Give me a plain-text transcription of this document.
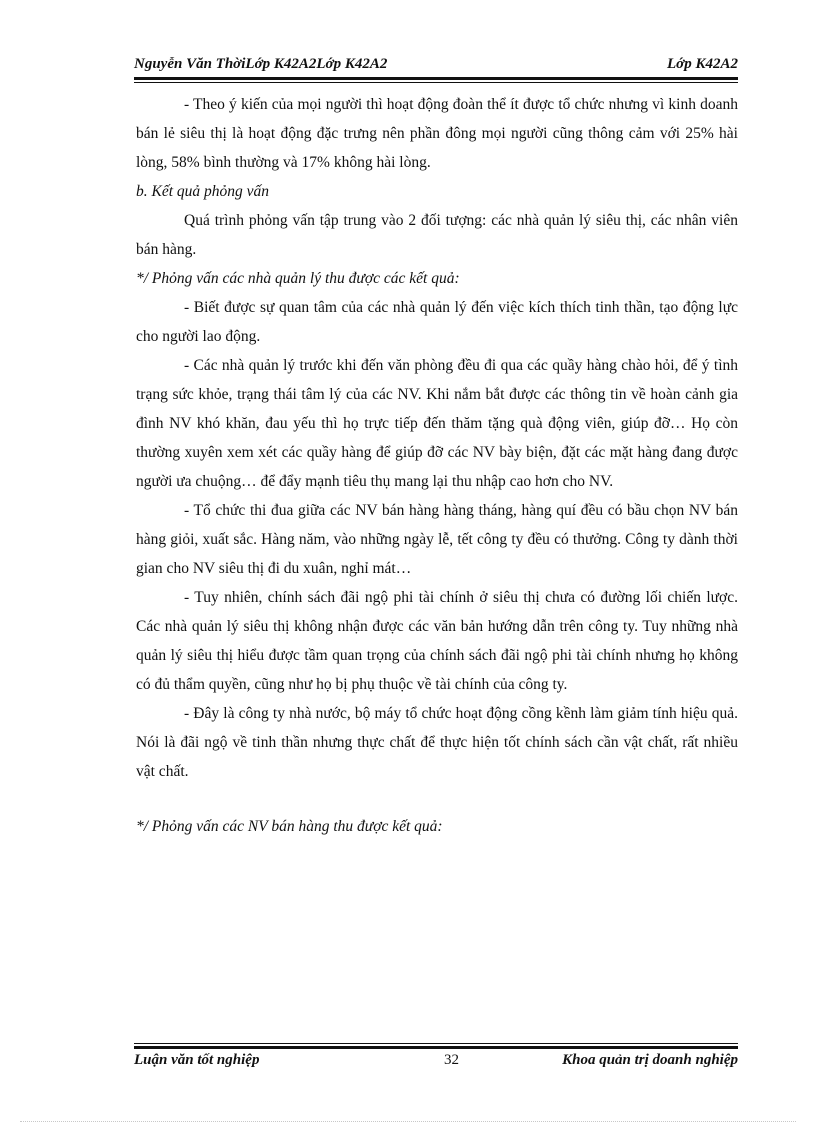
Nguyễn Văn ThờiLớp K42A2Lớp K42A2	Lớp K42A2

- Theo ý kiến của mọi người thì hoạt động đoàn thể ít được tổ chức nhưng vì kinh doanh bán lẻ siêu thị là hoạt động đặc trưng nên phần đông mọi người cũng thông cảm với 25% hài lòng, 58% bình thường và 17% không hài lòng.

b. Kết quả phỏng vấn

Quá trình phỏng vấn tập trung vào 2 đối tượng: các nhà quản lý siêu thị, các nhân viên bán hàng.

*/ Phỏng vấn các nhà quản lý thu được các kết quả:

- Biết được sự quan tâm của các nhà quản lý đến việc kích thích tinh thần, tạo động lực cho người lao động.

- Các nhà quản lý trước khi đến văn phòng đều đi qua các quầy hàng chào hỏi, để ý tình trạng sức khỏe, trạng thái tâm lý của các NV. Khi nắm bắt được các thông tin về hoàn cảnh gia đình NV khó khăn, đau yếu thì họ trực tiếp đến thăm tặng quà động viên, giúp đỡ… Họ còn thường xuyên xem xét các quầy hàng để giúp đỡ các NV bày biện, đặt các mặt hàng đang được người ưa chuộng… để đẩy mạnh tiêu thụ mang lại thu nhập cao hơn cho NV.

- Tổ chức thi đua giữa các NV bán hàng hàng tháng, hàng quí đều có bầu chọn NV bán hàng giỏi, xuất sắc. Hàng năm, vào những ngày lễ, tết công ty đều có thưởng. Công ty dành thời gian cho NV siêu thị đi du xuân, nghỉ mát…

- Tuy nhiên, chính sách đãi ngộ phi tài chính ở siêu thị chưa có đường lối chiến lược. Các nhà quản lý siêu thị không nhận được các văn bản hướng dẫn trên công ty. Tuy những nhà quản lý siêu thị hiểu được tầm quan trọng của chính sách đãi ngộ phi tài chính nhưng họ không có đủ thẩm quyền, cũng như họ bị phụ thuộc về tài chính của công ty.

- Đây là công ty nhà nước, bộ máy tổ chức hoạt động cồng kềnh làm giảm tính hiệu quả. Nói là đãi ngộ về tinh thần nhưng thực chất để thực hiện tốt chính sách cần vật chất, rất nhiều vật chất.

*/ Phỏng vấn các NV bán hàng thu được kết quả:

Luận văn tốt nghiệp	32	Khoa quản trị doanh nghiệp
